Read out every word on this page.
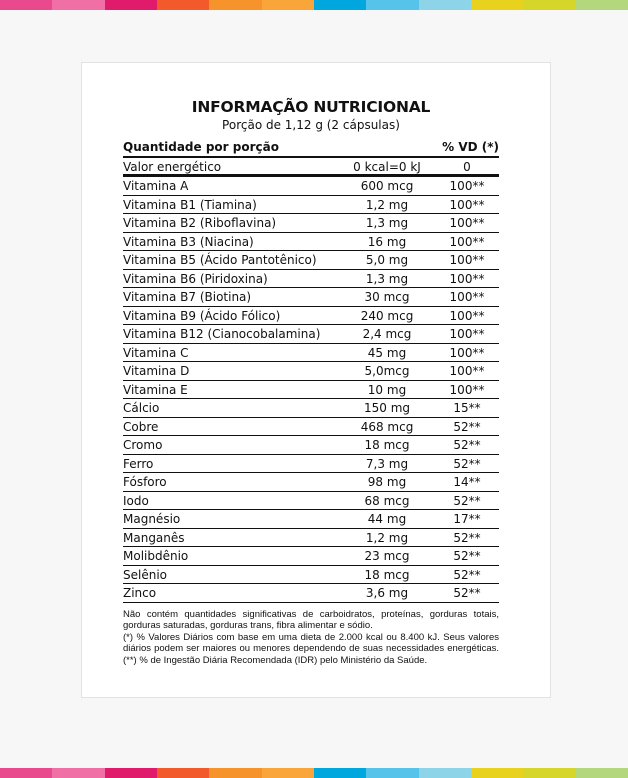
INFORMAÇÃO NUTRICIONAL
Porção de 1,12 g (2 cápsulas)
Quantidade por porção	% VD (*)
Valor energético	0 kcal=0 kJ	0
Vitamina A	600 mcg	100**
Vitamina B1 (Tiamina)	1,2 mg	100**
Vitamina B2 (Riboflavina)	1,3 mg	100**
Vitamina B3 (Niacina)	16 mg	100**
Vitamina B5 (Ácido Pantotênico)	5,0 mg	100**
Vitamina B6 (Piridoxina)	1,3 mg	100**
Vitamina B7 (Biotina)	30 mcg	100**
Vitamina B9 (Ácido Fólico)	240 mcg	100**
Vitamina B12 (Cianocobalamina)	2,4 mcg	100**
Vitamina C	45 mg	100**
Vitamina D	5,0mcg	100**
Vitamina E	10 mg	100**
Cálcio	150 mg	15**
Cobre	468 mcg	52**
Cromo	18 mcg	52**
Ferro	7,3 mg	52**
Fósforo	98 mg	14**
Iodo	68 mcg	52**
Magnésio	44 mg	17**
Manganês	1,2 mg	52**
Molibdênio	23 mcg	52**
Selênio	18 mcg	52**
Zinco	3,6 mg	52**

Não contém quantidades significativas de carboidratos, proteínas, gorduras totais, gorduras saturadas, gorduras trans, fibra alimentar e sódio.

(*) % Valores Diários com base em uma dieta de 2.000 kcal ou 8.400 kJ. Seus valores diários podem ser maiores ou menores dependendo de suas necessidades energéticas. (**) % de Ingestão Diária Recomendada (IDR) pelo Ministério da Saúde.
